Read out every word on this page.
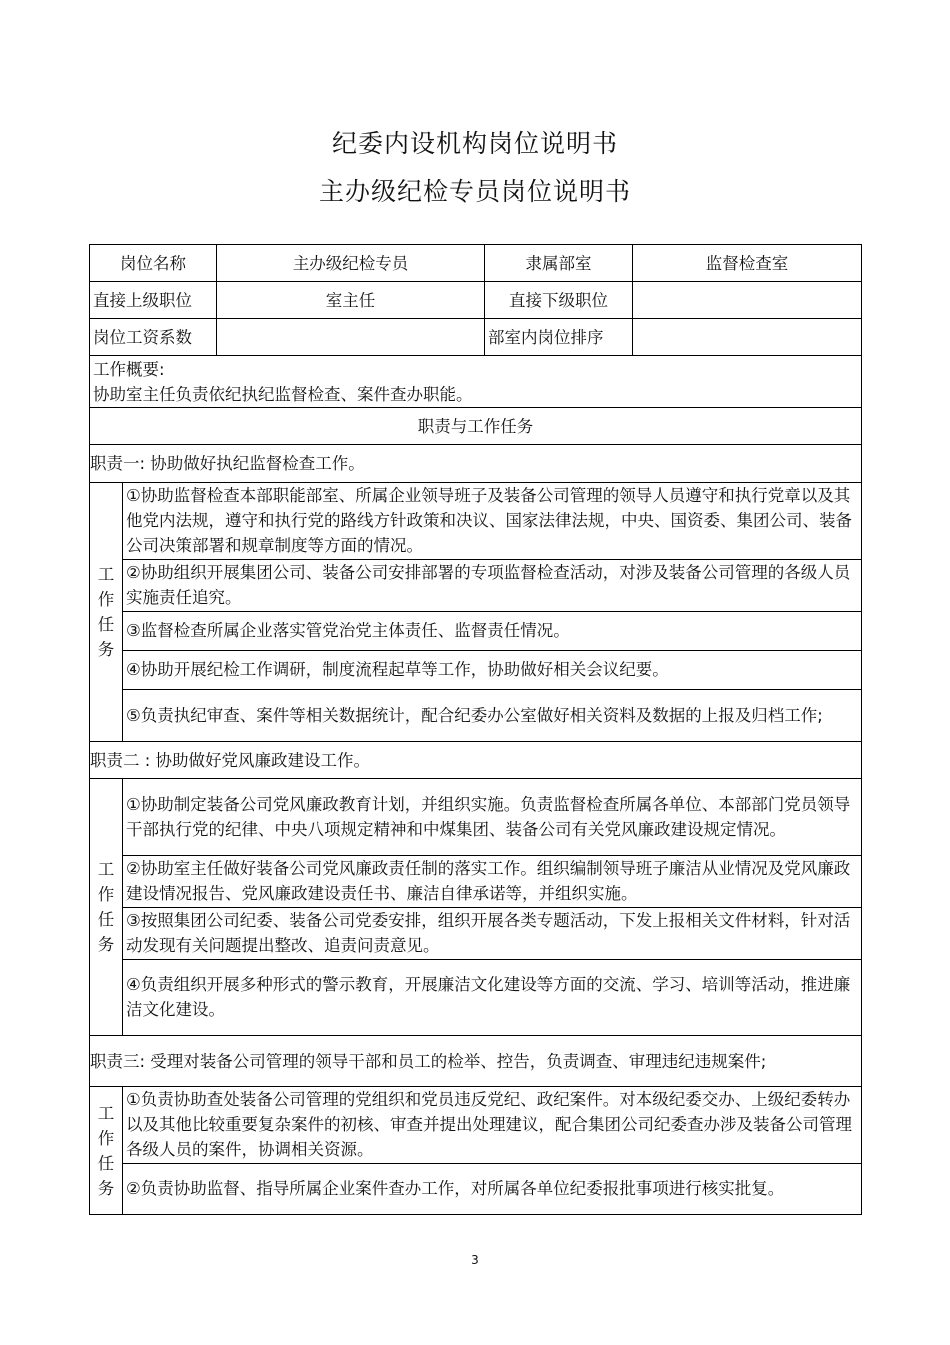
纪委内设机构岗位说明书
主办级纪检专员岗位说明书
岗位名称		主办级纪检专员	隶属部室	监督检查室
直接上级职位		室主任	直接下级职位	
岗位工资系数			部室内岗位排序	

工作概要:
协助室主任负责依纪执纪监督检查、案件查办职能。				

职责与工作任务				
职责一: 协助做好执纪监督检查工作。				

工
作
任
务	①协助监督检查本部职能部室、所属企业领导班子及装备公司管理的领导人员遵守和执行党章以及其他党内法规，遵守和执行党的路线方针政策和决议、国家法律法规，中央、国资委、集团公司、装备公司决策部署和规章制度等方面的情况。			
	②协助组织开展集团公司、装备公司安排部署的专项监督检查活动，对涉及装备公司管理的各级人员实施责任追究。			
	③监督检查所属企业落实管党治党主体责任、监督责任情况。			
	④协助开展纪检工作调研，制度流程起草等工作，协助做好相关会议纪要。			
	⑤负责执纪审查、案件等相关数据统计，配合纪委办公室做好相关资料及数据的上报及归档工作;			
职责二 : 协助做好党风廉政建设工作。				

工
作
任
务	①协助制定装备公司党风廉政教育计划，并组织实施。负责监督检查所属各单位、本部部门党员领导干部执行党的纪律、中央八项规定精神和中煤集团、装备公司有关党风廉政建设规定情况。			
	②协助室主任做好装备公司党风廉政责任制的落实工作。组织编制领导班子廉洁从业情况及党风廉政建设情况报告、党风廉政建设责任书、廉洁自律承诺等，并组织实施。			
	③按照集团公司纪委、装备公司党委安排，组织开展各类专题活动，下发上报相关文件材料，针对活动发现有关问题提出整改、追责问责意见。			
	④负责组织开展多种形式的警示教育，开展廉洁文化建设等方面的交流、学习、培训等活动，推进廉洁文化建设。			
职责三: 受理对装备公司管理的领导干部和员工的检举、控告，负责调查、审理违纪违规案件;				

工
作
任
务	①负责协助查处装备公司管理的党组织和党员违反党纪、政纪案件。对本级纪委交办、上级纪委转办以及其他比较重要复杂案件的初核、审查并提出处理建议，配合集团公司纪委查办涉及装备公司管理各级人员的案件，协调相关资源。			
	②负责协助监督、指导所属企业案件查办工作，对所属各单位纪委报批事项进行核实批复。			
3
